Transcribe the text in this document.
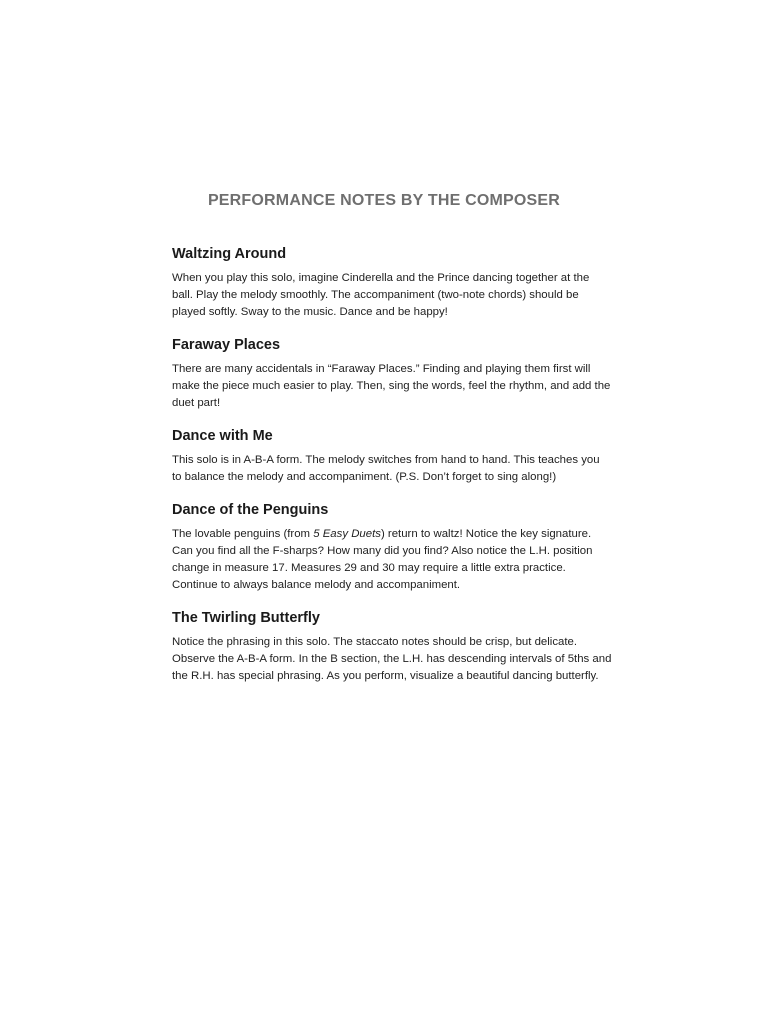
PERFORMANCE NOTES BY THE COMPOSER
Waltzing Around

When you play this solo, imagine Cinderella and the Prince dancing together at the ball. Play the melody smoothly. The accompaniment (two-note chords) should be played softly. Sway to the music. Dance and be happy!

Faraway Places

There are many accidentals in “Faraway Places.” Finding and playing them first will make the piece much easier to play. Then, sing the words, feel the rhythm, and add the duet part!

Dance with Me

This solo is in A-B-A form. The melody switches from hand to hand. This teaches you to balance the melody and accompaniment. (P.S. Don’t forget to sing along!)

Dance of the Penguins

The lovable penguins (from 5 Easy Duets) return to waltz! Notice the key signature. Can you find all the F-sharps? How many did you find? Also notice the L.H. position change in measure 17. Measures 29 and 30 may require a little extra practice. Continue to always balance melody and accompaniment.

The Twirling Butterfly

Notice the phrasing in this solo. The staccato notes should be crisp, but delicate. Observe the A-B-A form. In the B section, the L.H. has descending intervals of 5ths and the R.H. has special phrasing. As you perform, visualize a beautiful dancing butterfly.
